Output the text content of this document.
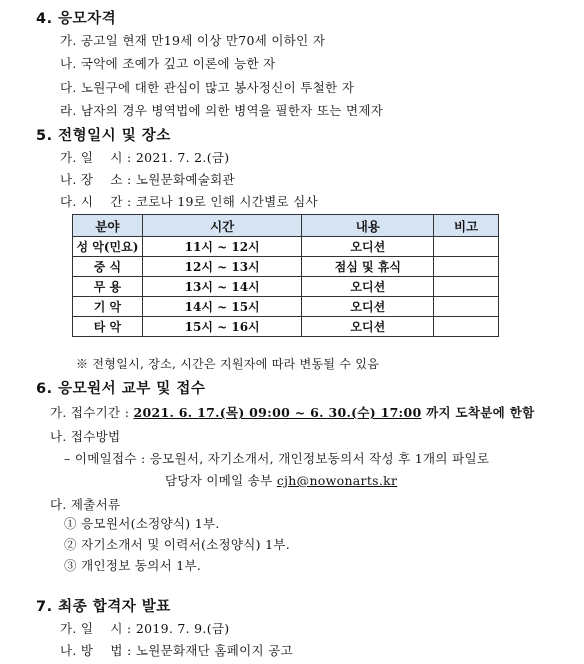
4. 응모자격
가. 공고일 현재 만19세 이상 만70세 이하인 자
나. 국악에 조예가 깊고 이론에 능한 자
다. 노원구에 대한 관심이 많고 봉사정신이 투철한 자
라. 남자의 경우 병역법에 의한 병역을 필한자 또는 면제자
5. 전형일시 및 장소
가. 일    시 : 2021. 7. 2.(금)
나. 장    소 : 노원문화예술회관
다. 시    간 : 코로나 19로 인해 시간별로 심사
분야	시간	내용	비고
성 악(민요)	11시 ~ 12시	오디션	
중 식	12시 ~ 13시	점심 및 휴식	
무 용	13시 ~ 14시	오디션	
기 악	14시 ~ 15시	오디션	
타 악	15시 ~ 16시	오디션	
※ 전형일시, 장소, 시간은 지원자에 따라 변동될 수 있음
6. 응모원서 교부 및 접수
가. 접수기간 : 2021. 6. 17.(목) 09:00 ~ 6. 30.(수) 17:00 까지 도착분에 한함
나. 접수방법
– 이메일접수 : 응모원서, 자기소개서, 개인정보동의서 작성 후 1개의 파일로
담당자 이메일 송부 cjh@nowonarts.kr
다. 제출서류
① 응모원서(소정양식) 1부.
② 자기소개서 및 이력서(소정양식) 1부.
③ 개인정보 동의서 1부.
7. 최종 합격자 발표
가. 일    시 : 2019. 7. 9.(금)
나. 방    법 : 노원문화재단 홈페이지 공고
